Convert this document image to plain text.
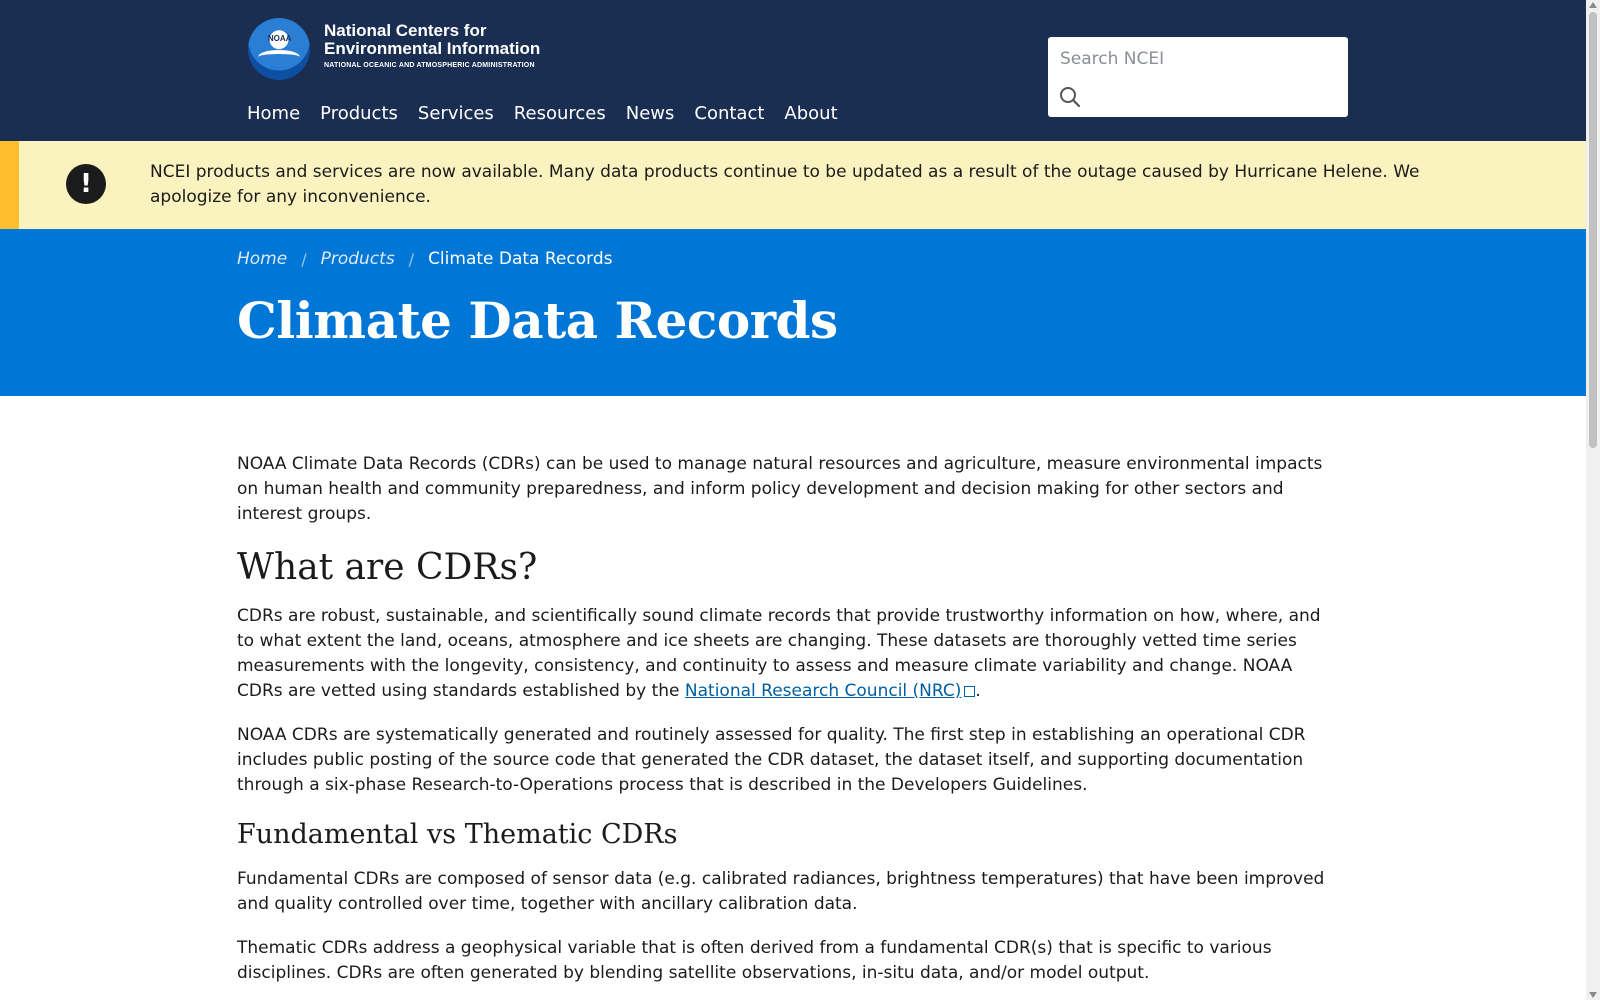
NOAA National Centers for
Environmental Information
NATIONAL OCEANIC AND ATMOSPHERIC ADMINISTRATION
Search NCEI
Home	Products	Services	Resources	News	Contact	About
!	NCEI products and services are now available. Many data products continue to be updated as a result of the outage caused by Hurricane Helene. We apologize for any inconvenience.
Home / Products / Climate Data Records
Climate Data Records

NOAA Climate Data Records (CDRs) can be used to manage natural resources and agriculture, measure environmental impacts on human health and community preparedness, and inform policy development and decision making for other sectors and interest groups.

What are CDRs?

CDRs are robust, sustainable, and scientifically sound climate records that provide trustworthy information on how, where, and to what extent the land, oceans, atmosphere and ice sheets are changing. These datasets are thoroughly vetted time series measurements with the longevity, consistency, and continuity to assess and measure climate variability and change. NOAA CDRs are vetted using standards established by the National Research Council (NRC) .

NOAA CDRs are systematically generated and routinely assessed for quality. The first step in establishing an operational CDR includes public posting of the source code that generated the CDR dataset, the dataset itself, and supporting documentation through a six-phase Research-to-Operations process that is described in the Developers Guidelines.

Fundamental vs Thematic CDRs

Fundamental CDRs are composed of sensor data (e.g. calibrated radiances, brightness temperatures) that have been improved and quality controlled over time, together with ancillary calibration data.

Thematic CDRs address a geophysical variable that is often derived from a fundamental CDR(s) that is specific to various disciplines. CDRs are often generated by blending satellite observations, in-situ data, and/or model output.
